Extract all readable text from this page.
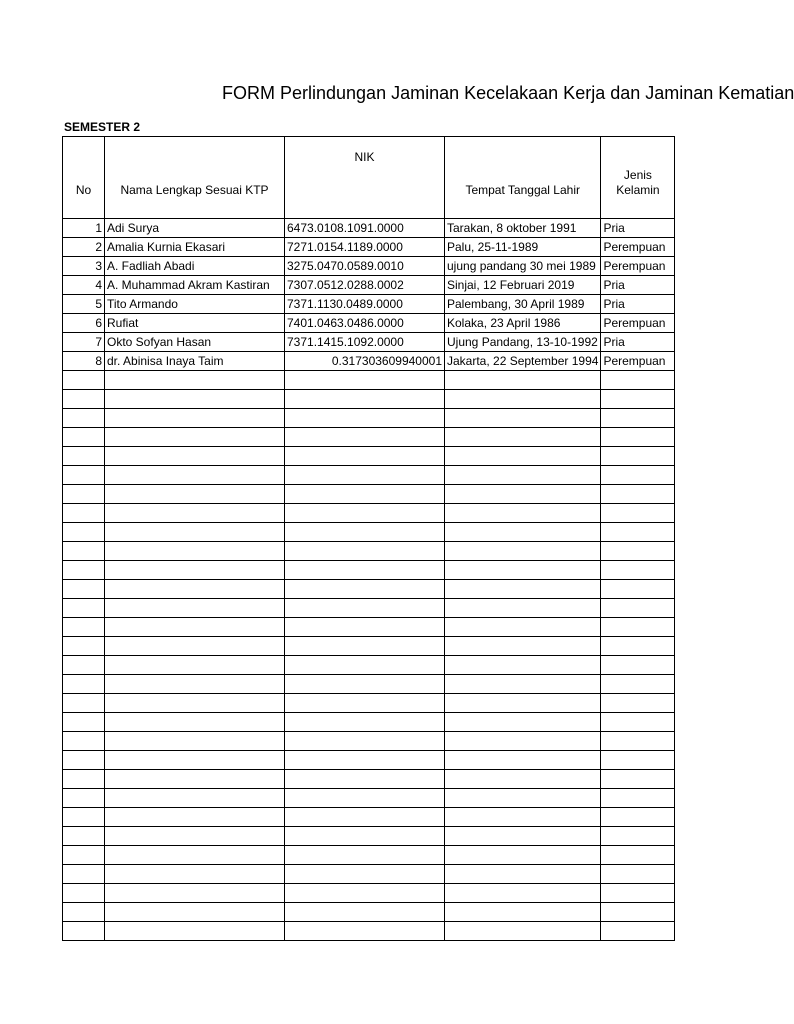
FORM Perlindungan Jaminan Kecelakaan Kerja dan Jaminan Kematian
SEMESTER 2
No	Nama Lengkap Sesuai KTP	NIK	Tempat Tanggal Lahir	Jenis Kelamin

1	Adi Surya	6473.0108.1091.0000	Tarakan, 8 oktober 1991	Pria
2	Amalia Kurnia Ekasari	7271.0154.1189.0000	Palu, 25-11-1989	Perempuan
3	A. Fadliah Abadi	3275.0470.0589.0010	ujung pandang 30 mei 1989	Perempuan
4	A. Muhammad Akram Kastiran	7307.0512.0288.0002	Sinjai, 12 Februari 2019	Pria
5	Tito Armando	7371.1130.0489.0000	Palembang, 30 April 1989	Pria
6	Rufiat	7401.0463.0486.0000	Kolaka, 23 April 1986	Perempuan
7	Okto Sofyan Hasan	7371.1415.1092.0000	Ujung Pandang, 13-10-1992	Pria
8	dr. Abinisa Inaya Taim	0.317303609940001	Jakarta, 22 September 1994	Perempuan
